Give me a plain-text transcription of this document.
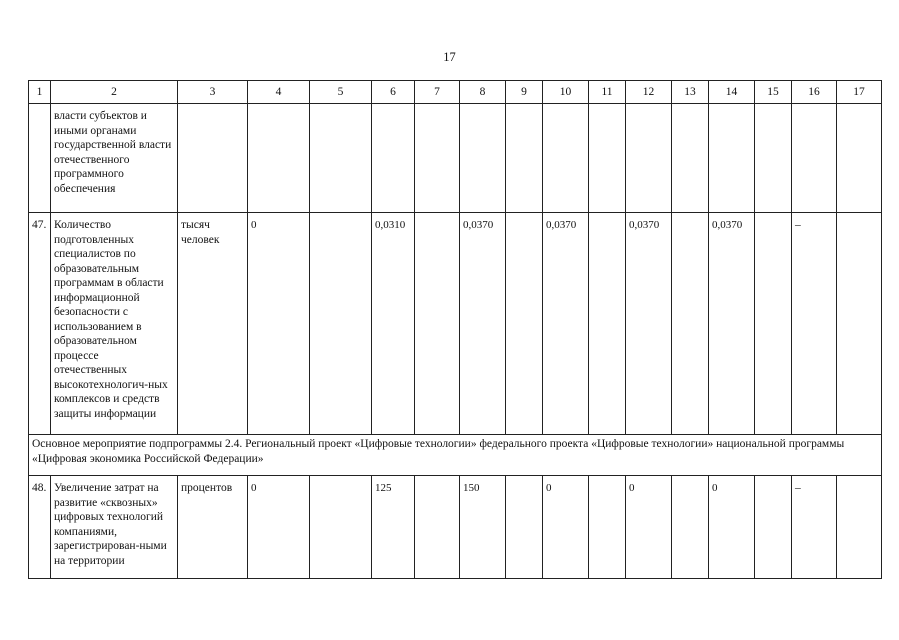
17
1	2	3	4	5	6	7	8	9	10	11	12	13	14	15	16	17
	власти субъектов и иными органами государственной власти отечественного программного обеспечения															
47.	Количество подготовленных специалистов по образовательным программам в области информационной безопасности с использованием в образовательном процессе отечественных высокотехнологич-ных комплексов и средств защиты информации	тысяч человек	0		0,0310		0,0370		0,0370		0,0370		0,0370		–	
Основное мероприятие подпрограммы 2.4. Региональный проект «Цифровые технологии» федерального проекта «Цифровые технологии» национальной программы «Цифровая экономика Российской Федерации»																
48.	Увеличение затрат на развитие «сквозных» цифровых технологий компаниями, зарегистрирован-ными на территории	процентов	0		125		150		0		0		0		–	
